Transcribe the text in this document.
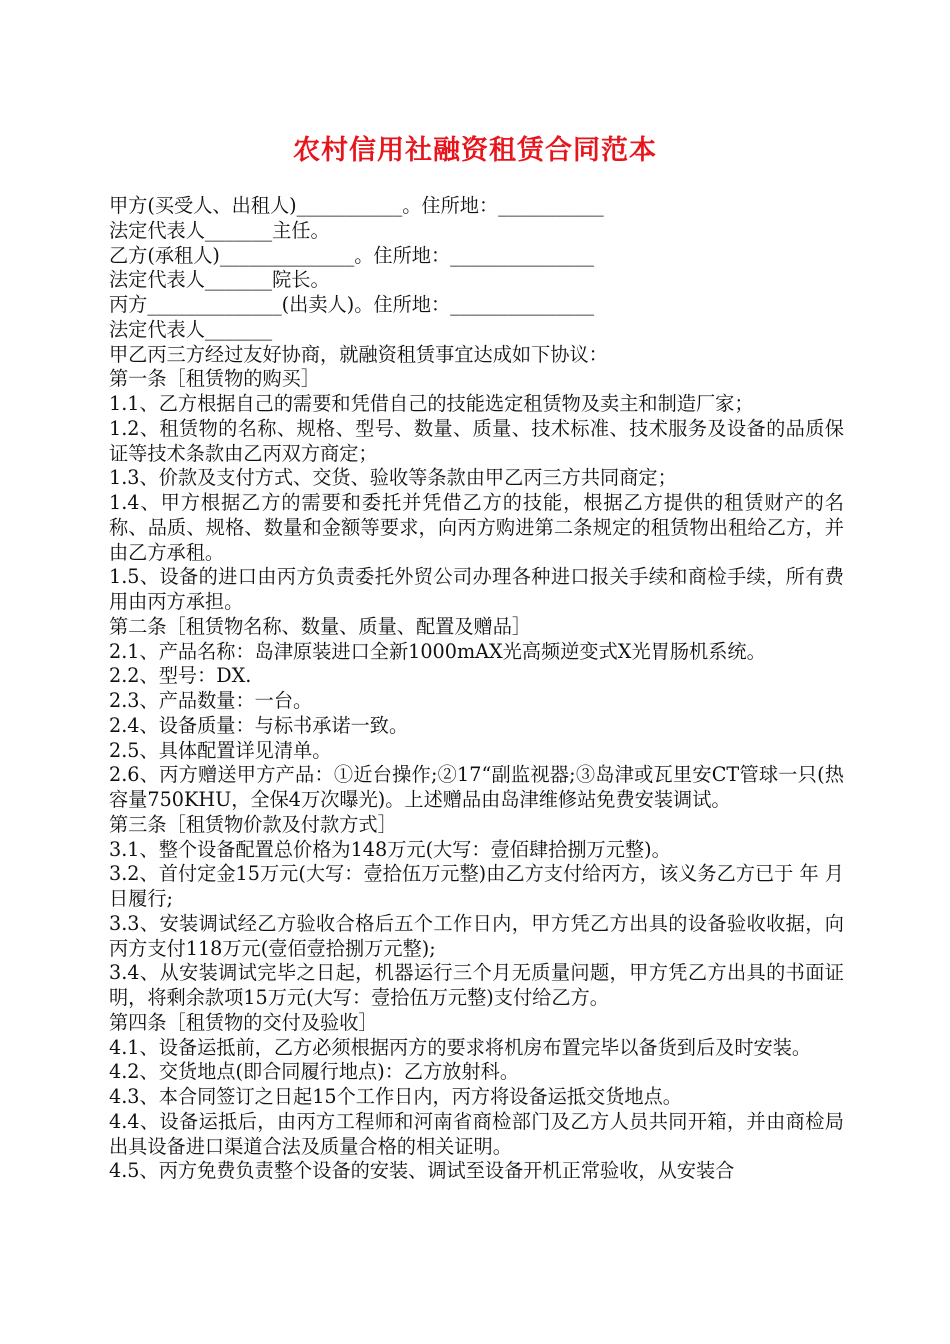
农村信用社融资租赁合同范本

甲方(买受人、出租人)___________。住所地：___________

法定代表人_______主任。

乙方(承租人)______________。住所地：_______________

法定代表人_______院长。

丙方______________(出卖人)。住所地：_______________

法定代表人_______

甲乙丙三方经过友好协商，就融资租赁事宜达成如下协议：

第一条［租赁物的购买］

1.1、乙方根据自己的需要和凭借自己的技能选定租赁物及卖主和制造厂家；

1.2、租赁物的名称、规格、型号、数量、质量、技术标准、技术服务及设备的品质保证等技术条款由乙丙双方商定；

1.3、价款及支付方式、交货、验收等条款由甲乙丙三方共同商定；

1.4、甲方根据乙方的需要和委托并凭借乙方的技能，根据乙方提供的租赁财产的名称、品质、规格、数量和金额等要求，向丙方购进第二条规定的租赁物出租给乙方，并由乙方承租。

1.5、设备的进口由丙方负责委托外贸公司办理各种进口报关手续和商检手续，所有费用由丙方承担。

第二条［租赁物名称、数量、质量、配置及赠品］

2.1、产品名称：岛津原装进口全新1000mAX光高频逆变式X光胃肠机系统。

2.2、型号：DX.

2.3、产品数量：一台。

2.4、设备质量：与标书承诺一致。

2.5、具体配置详见清单。

2.6、丙方赠送甲方产品：①近台操作;②17“副监视器;③岛津或瓦里安CT管球一只(热容量750KHU，全保4万次曝光)。上述赠品由岛津维修站免费安装调试。

第三条［租赁物价款及付款方式］

3.1、整个设备配置总价格为148万元(大写：壹佰肆拾捌万元整)。

3.2、首付定金15万元(大写：壹拾伍万元整)由乙方支付给丙方，该义务乙方已于 年 月 日履行;

3.3、安装调试经乙方验收合格后五个工作日内，甲方凭乙方出具的设备验收收据，向丙方支付118万元(壹佰壹拾捌万元整);

3.4、从安装调试完毕之日起，机器运行三个月无质量问题，甲方凭乙方出具的书面证明，将剩余款项15万元(大写：壹拾伍万元整)支付给乙方。

第四条［租赁物的交付及验收］

4.1、设备运抵前，乙方必须根据丙方的要求将机房布置完毕以备货到后及时安装。

4.2、交货地点(即合同履行地点)：乙方放射科。

4.3、本合同签订之日起15个工作日内，丙方将设备运抵交货地点。

4.4、设备运抵后，由丙方工程师和河南省商检部门及乙方人员共同开箱，并由商检局出具设备进口渠道合法及质量合格的相关证明。

4.5、丙方免费负责整个设备的安装、调试至设备开机正常验收，从安装合
